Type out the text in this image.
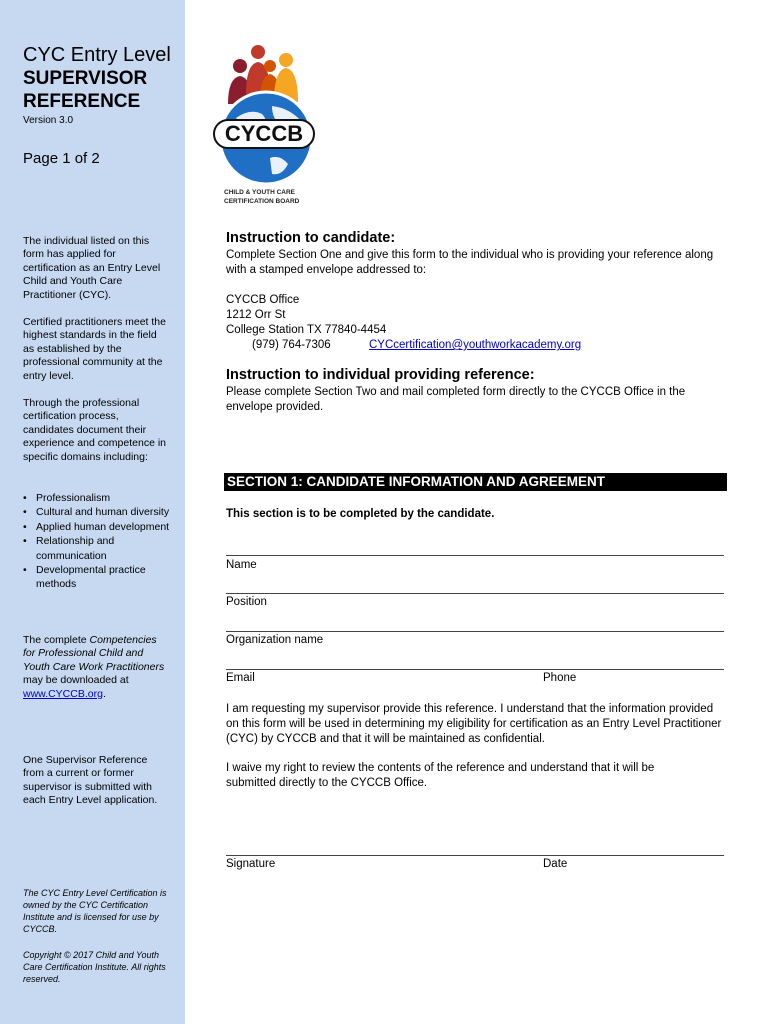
CYC Entry Level
SUPERVISOR
REFERENCE
Version 3.0
Page 1 of 2
The individual listed on this form has applied for certification as an Entry Level Child and Youth Care Practitioner (CYC).
Certified practitioners meet the highest standards in the field as established by the professional community at the entry level.
Through the professional certification process, candidates document their experience and competence in specific domains including:
• Professionalism
• Cultural and human diversity
• Applied human development
• Relationship and communication
• Developmental practice methods
The complete Competencies for Professional Child and Youth Care Work Practitioners may be downloaded at www.CYCCB.org.
One Supervisor Reference from a current or former supervisor is submitted with each Entry Level application.
The CYC Entry Level Certification is owned by the CYC Certification Institute and is licensed for use by CYCCB.
Copyright © 2017 Child and Youth Care Certification Institute. All rights reserved.
CYCCB
CHILD & YOUTH CARE
CERTIFICATION BOARD
Instruction to candidate:
Complete Section One and give this form to the individual who is providing your reference along with a stamped envelope addressed to:
CYCCB Office
1212 Orr St
College Station TX 77840-4454
(979) 764-7306	CYCcertification@youthworkacademy.org
Instruction to individual providing reference:
Please complete Section Two and mail completed form directly to the CYCCB Office in the envelope provided.
SECTION 1: CANDIDATE INFORMATION AND AGREEMENT
This section is to be completed by the candidate.
Name
Position
Organization name
Email	Phone
I am requesting my supervisor provide this reference. I understand that the information provided on this form will be used in determining my eligibility for certification as an Entry Level Practitioner (CYC) by CYCCB and that it will be maintained as confidential.
I waive my right to review the contents of the reference and understand that it will be submitted directly to the CYCCB Office.
Signature	Date
